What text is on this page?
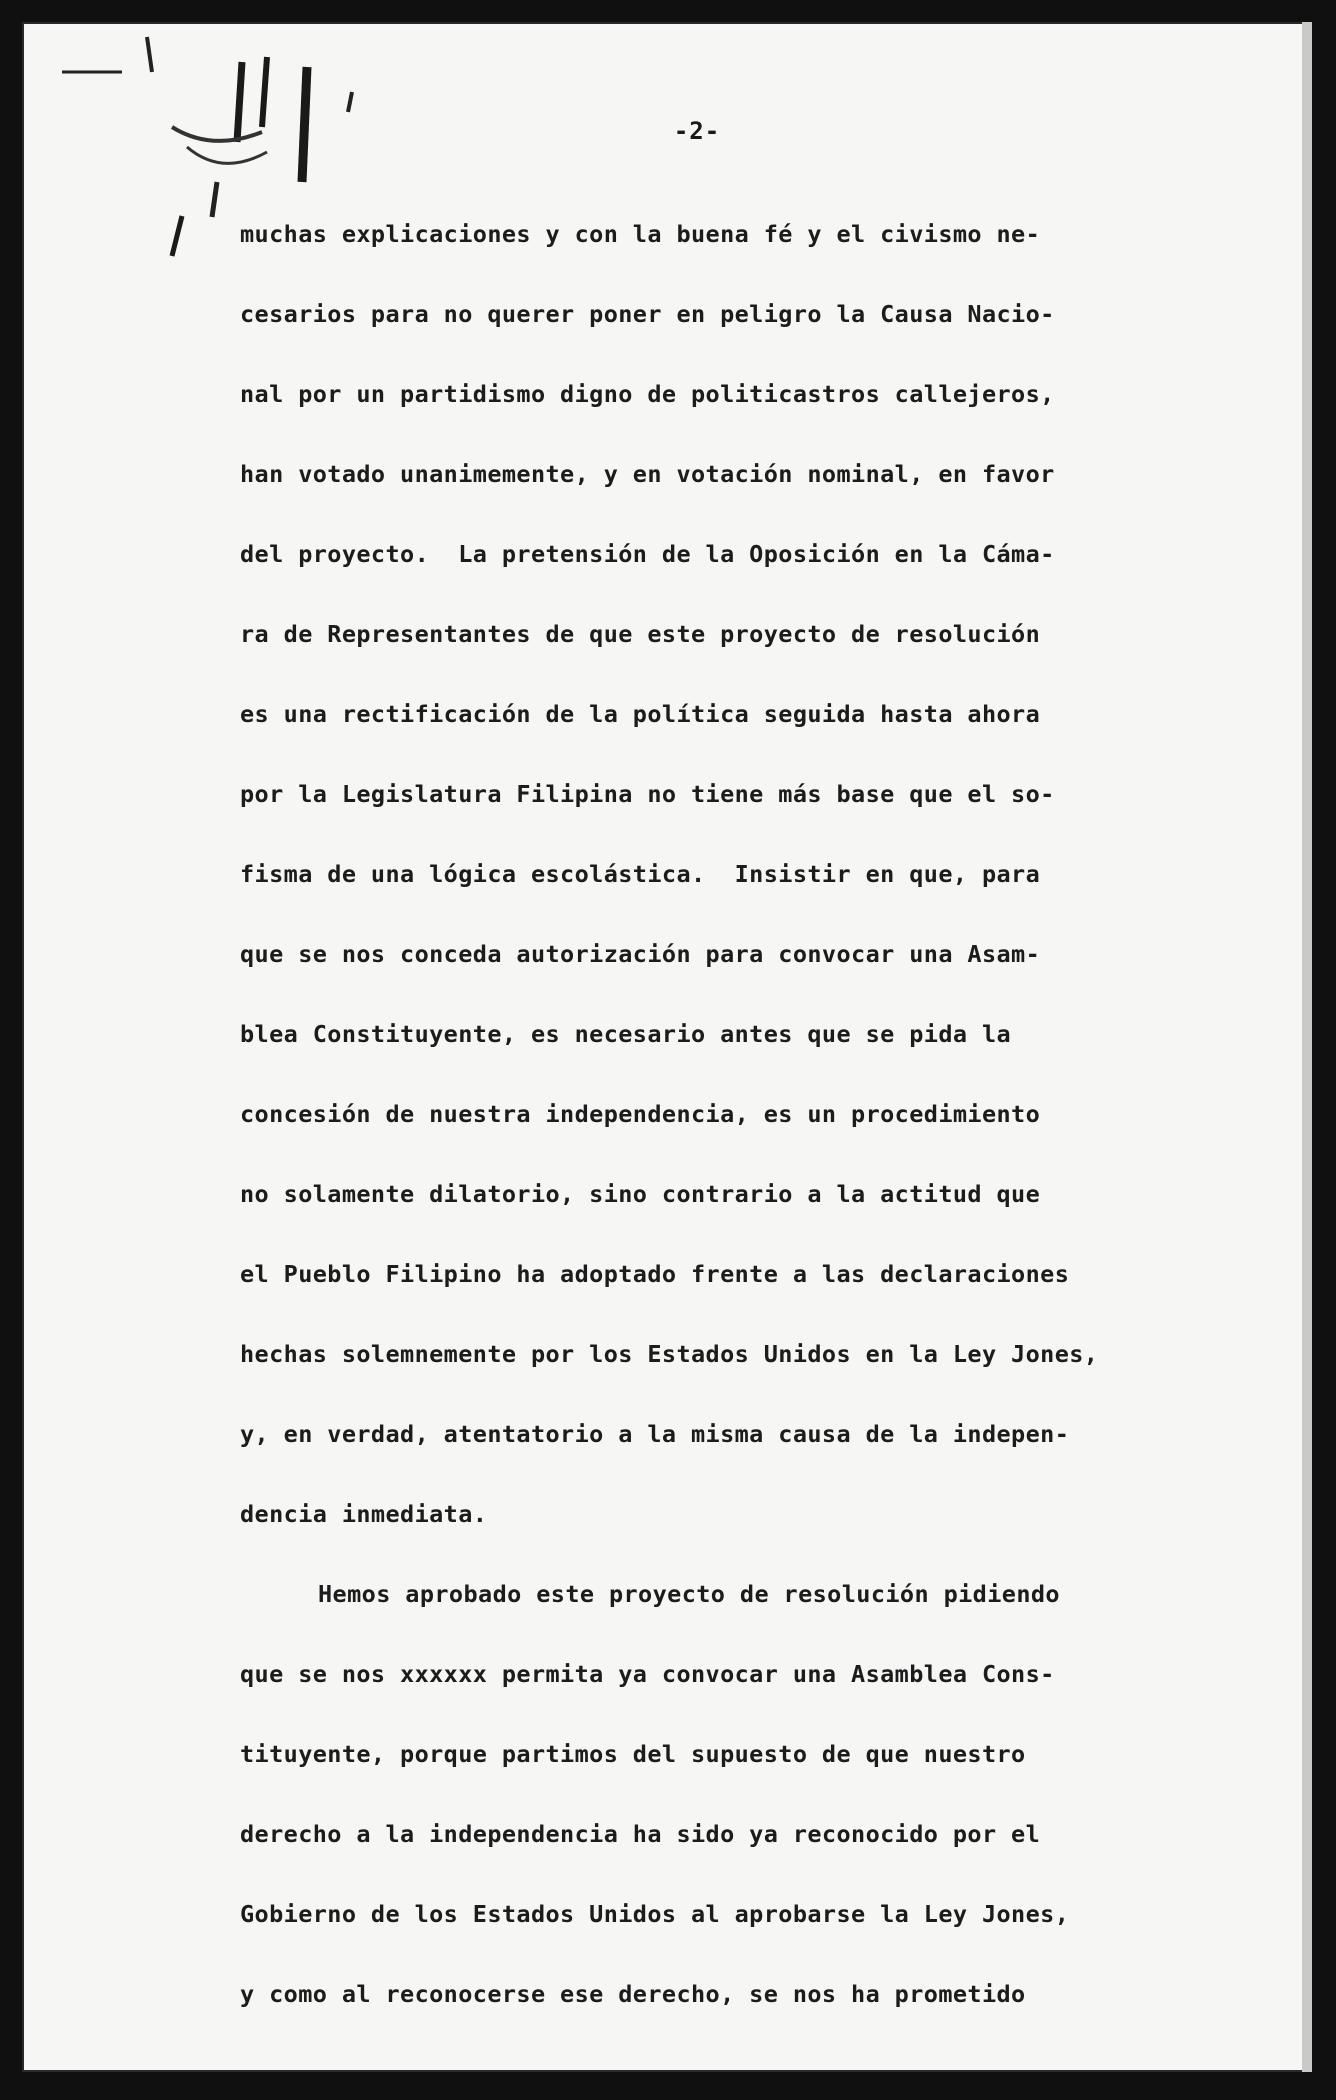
-2-
muchas explicaciones y con la buena fé y el civismo ne-
cesarios para no querer poner en peligro la Causa Nacio-
nal por un partidismo digno de politicastros callejeros,
han votado unanimemente, y en votación nominal, en favor
del proyecto.  La pretensión de la Oposición en la Cáma-
ra de Representantes de que este proyecto de resolución
es una rectificación de la política seguida hasta ahora
por la Legislatura Filipina no tiene más base que el so-
fisma de una lógica escolástica.  Insistir en que, para
que se nos conceda autorización para convocar una Asam-
blea Constituyente, es necesario antes que se pida la
concesión de nuestra independencia, es un procedimiento
no solamente dilatorio, sino contrario a la actitud que
el Pueblo Filipino ha adoptado frente a las declaraciones
hechas solemnemente por los Estados Unidos en la Ley Jones,
y, en verdad, atentatorio a la misma causa de la indepen-
dencia inmediata.
Hemos aprobado este proyecto de resolución pidiendo
que se nos xxxxxx permita ya convocar una Asamblea Cons-
tituyente, porque partimos del supuesto de que nuestro
derecho a la independencia ha sido ya reconocido por el
Gobierno de los Estados Unidos al aprobarse la Ley Jones,
y como al reconocerse ese derecho, se nos ha prometido
